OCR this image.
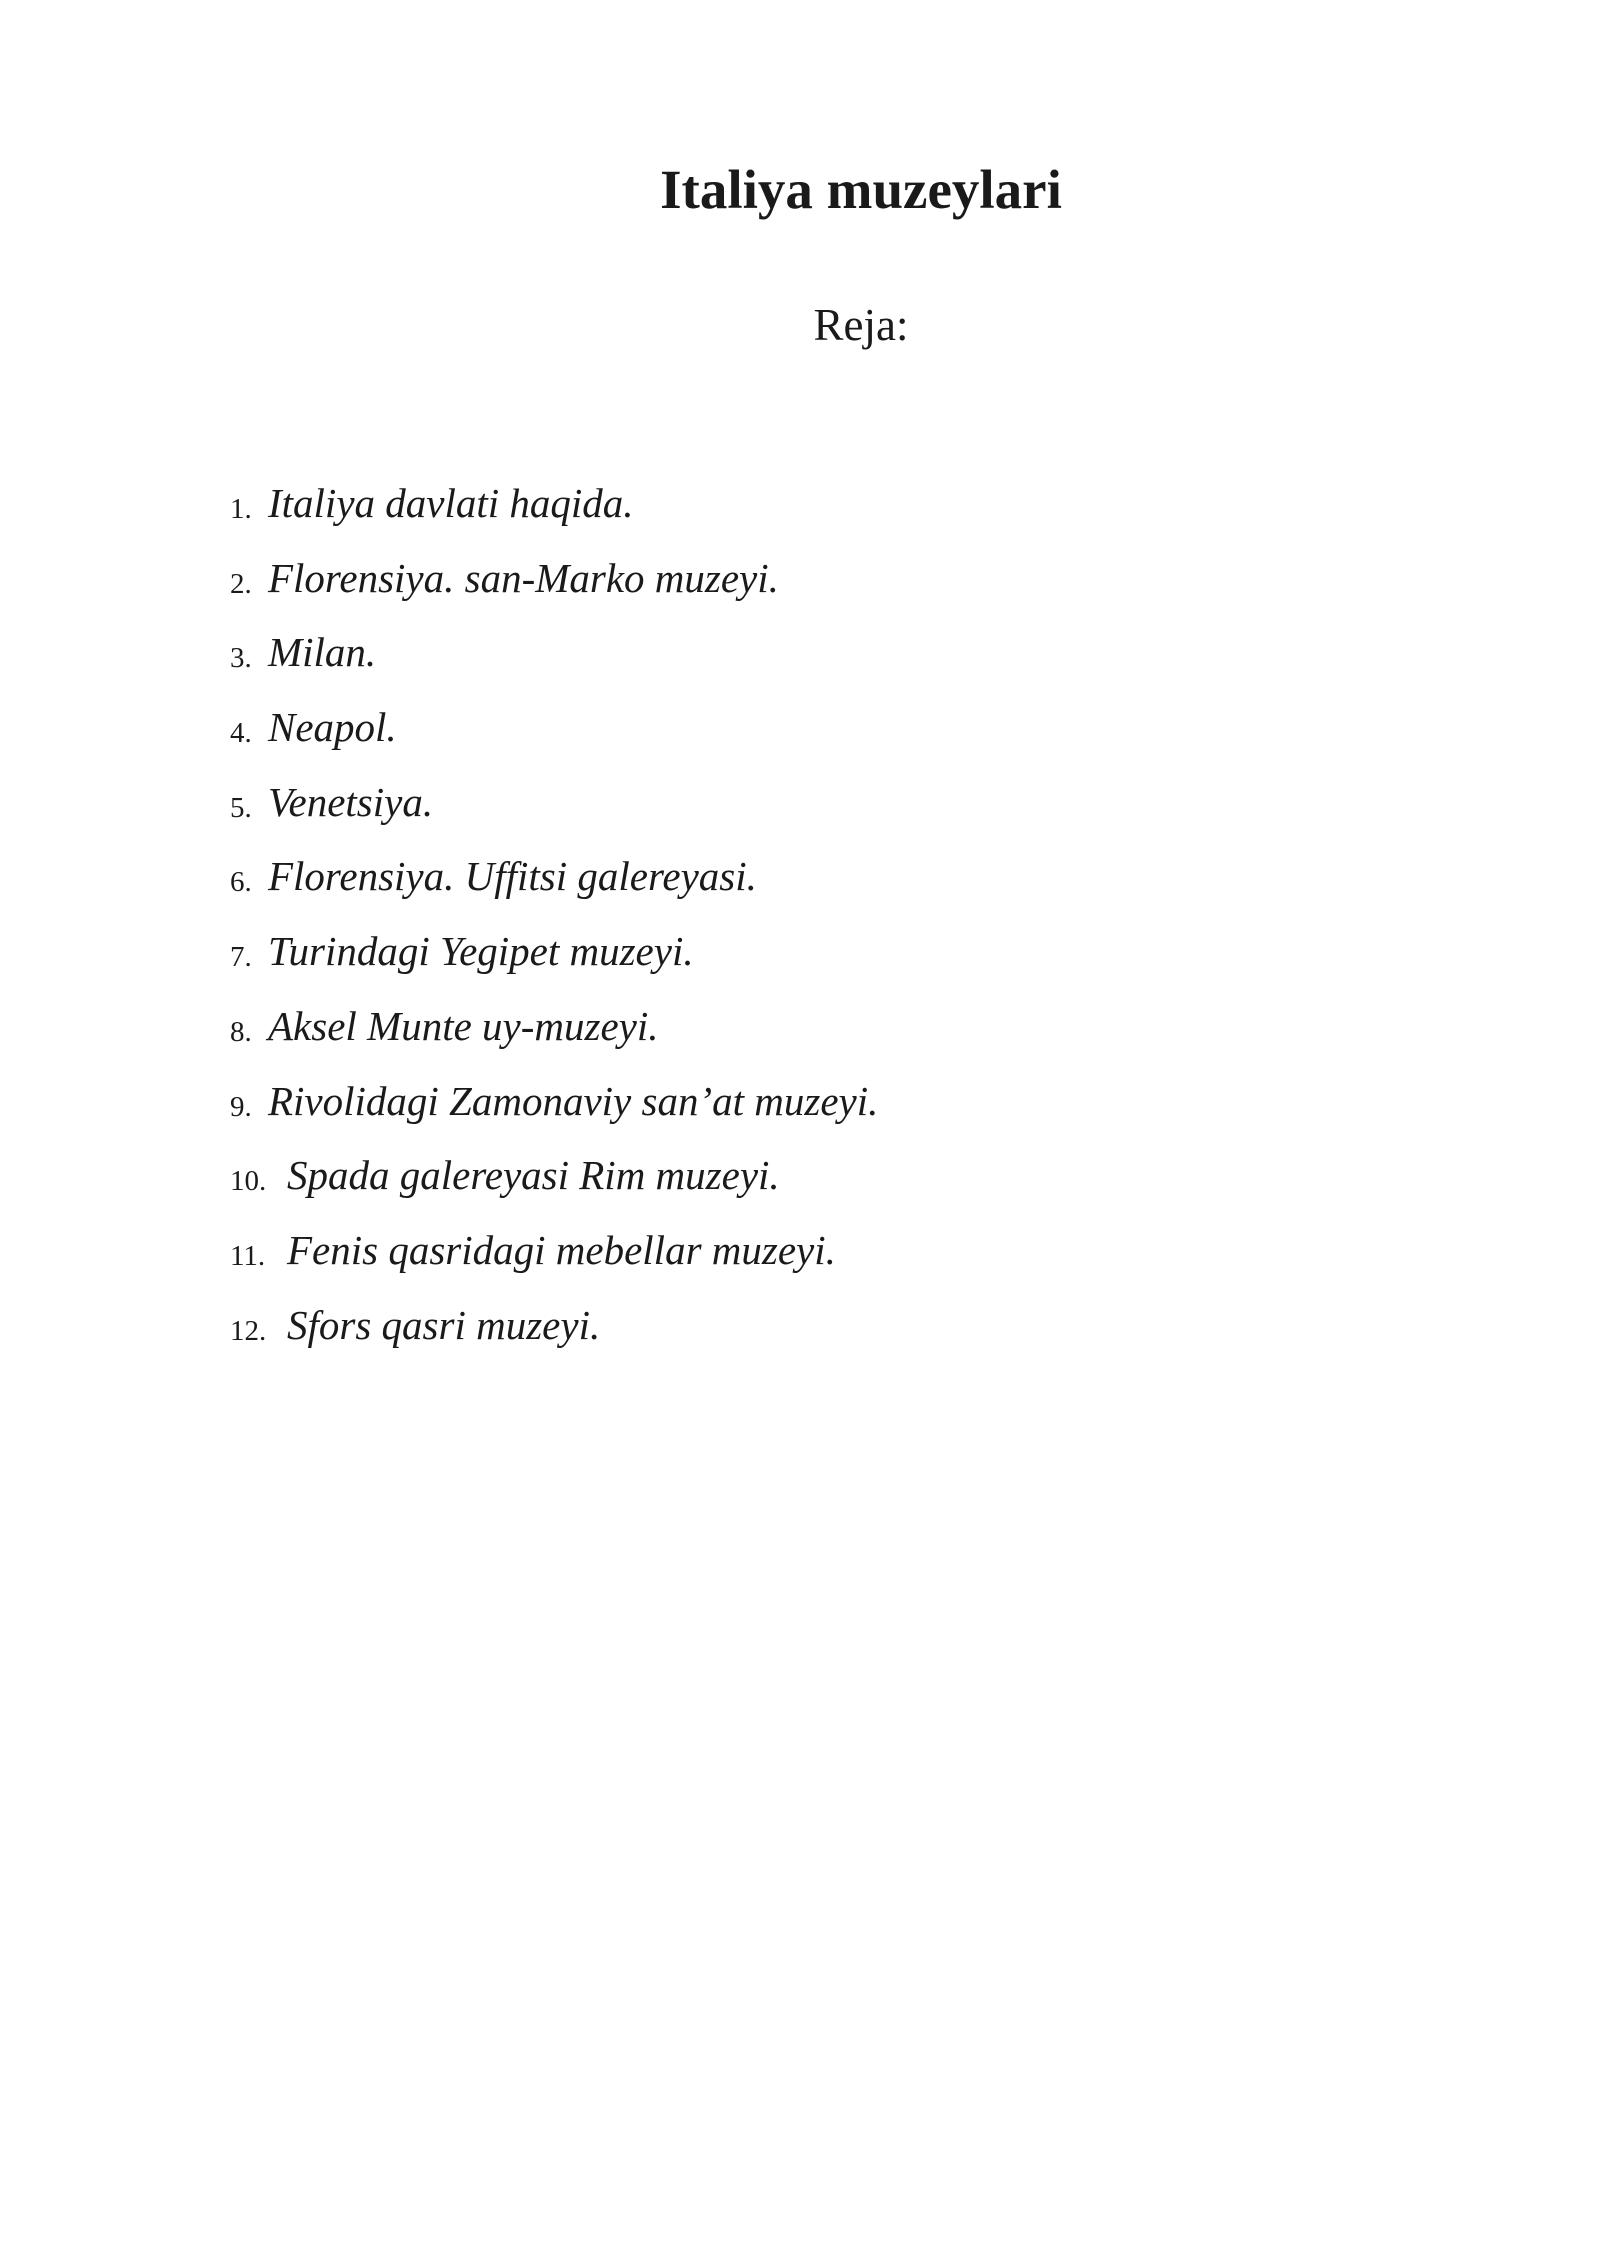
Italiya muzeylari

Reja:

1. Italiya davlati haqida.
2. Florensiya. san-Marko muzeyi.
3. Milan.
4. Neapol.
5. Venetsiya.
6. Florensiya. Uffitsi galereyasi.
7. Turindagi Yegipet muzeyi.
8. Aksel Munte uy-muzeyi.
9. Rivolidagi Zamonaviy san’at muzeyi.
10. Spada galereyasi Rim muzeyi.
11. Fenis qasridagi mebellar muzeyi.
12. Sfors qasri muzeyi.
